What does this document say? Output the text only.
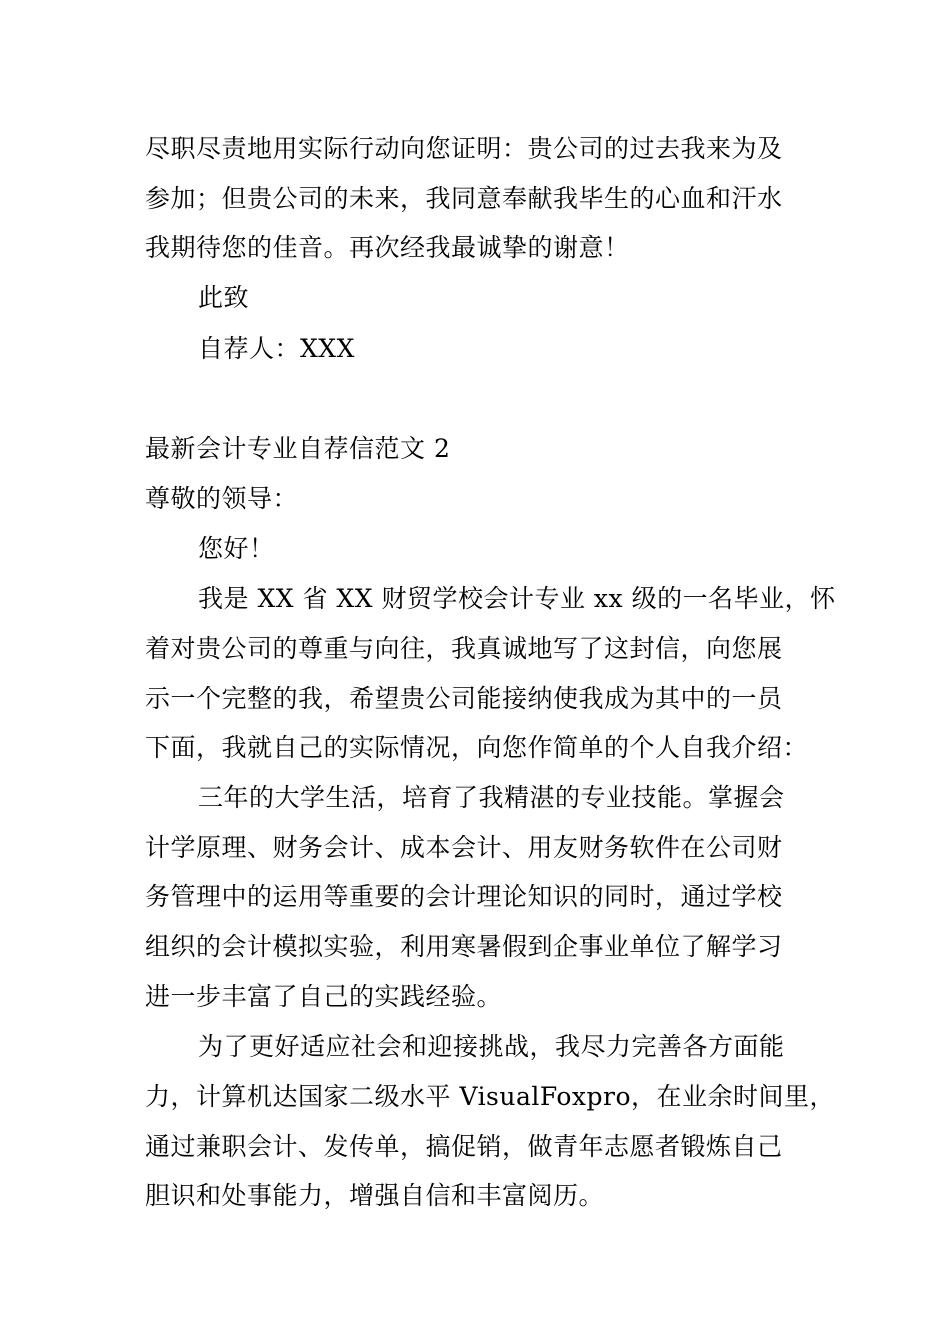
尽职尽责地用实际行动向您证明：贵公司的过去我来为及
参加；但贵公司的未来，我同意奉献我毕生的心血和汗水
我期待您的佳音。再次经我最诚挚的谢意！
此致
自荐人：XXX
最新会计专业自荐信范文 2
尊敬的领导：
您好！
我是 XX 省 XX 财贸学校会计专业 xx 级的一名毕业，怀
着对贵公司的尊重与向往，我真诚地写了这封信，向您展
示一个完整的我，希望贵公司能接纳使我成为其中的一员
下面，我就自己的实际情况，向您作简单的个人自我介绍：
三年的大学生活，培育了我精湛的专业技能。掌握会
计学原理、财务会计、成本会计、用友财务软件在公司财
务管理中的运用等重要的会计理论知识的同时，通过学校
组织的会计模拟实验，利用寒暑假到企事业单位了解学习
进一步丰富了自己的实践经验。
为了更好适应社会和迎接挑战，我尽力完善各方面能
力，计算机达国家二级水平 VisualFoxpro，在业余时间里，
通过兼职会计、发传单，搞促销，做青年志愿者锻炼自己
胆识和处事能力，增强自信和丰富阅历。
